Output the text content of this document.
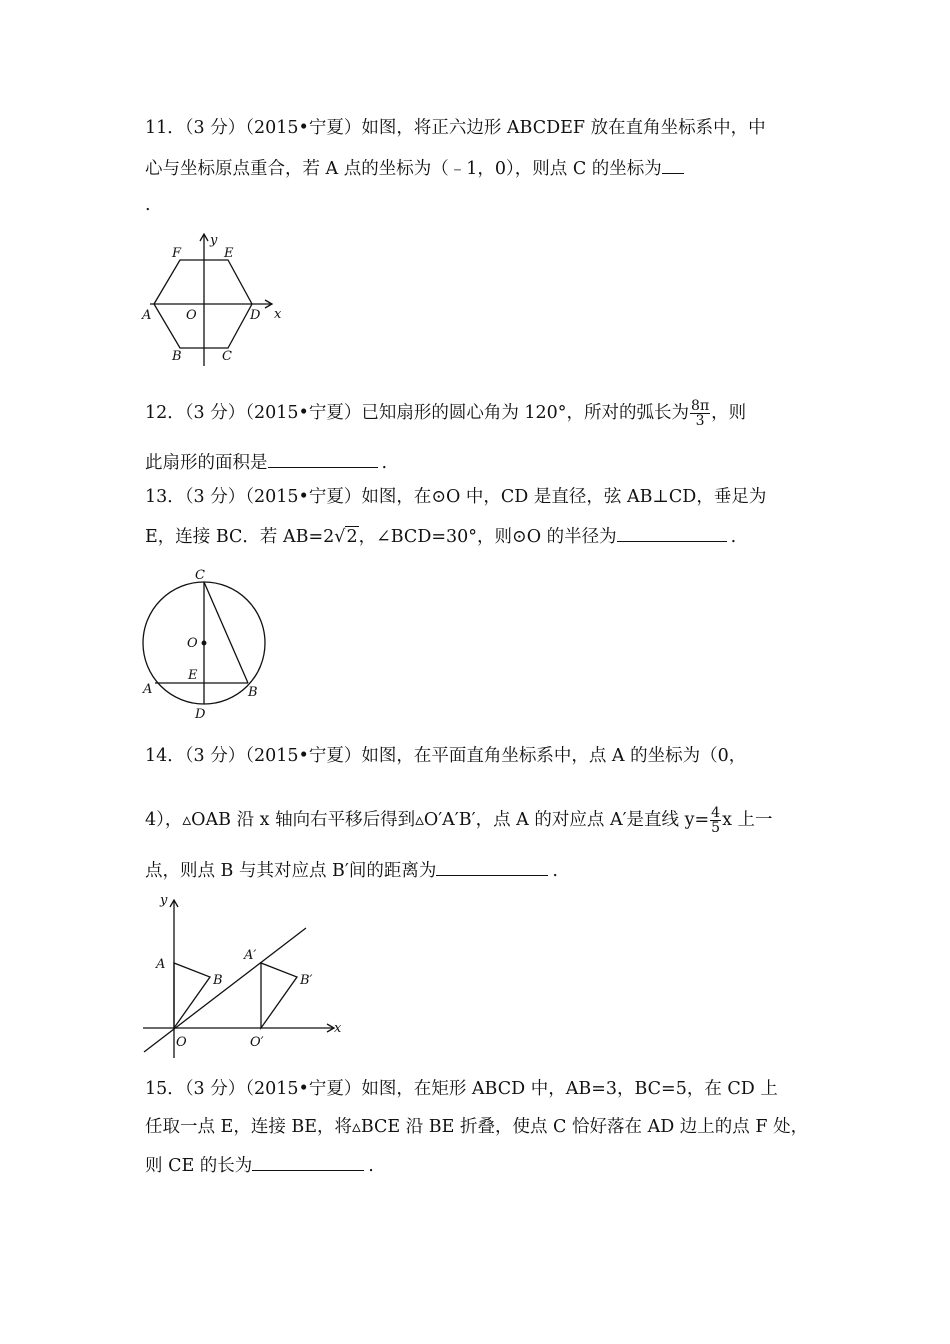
11．（3 分）（2015•宁夏）如图，将正六边形 ABCDEF 放在直角坐标系中，中
心与坐标原点重合，若 A 点的坐标为（﹣1，0），则点 C 的坐标为
.
y
x
F	E
A	O	D
B	C
12．（3 分）（2015•宁夏）已知扇形的圆心角为 120°，所对的弧长为 $\frac{8\pi}{3}$ ，则
此扇形的面积是	.
13．（3 分）（2015•宁夏）如图，在⊙O 中，CD 是直径，弦 AB⊥CD，垂足为
E，连接 BC．若 AB=2√2，∠BCD=30°，则⊙O 的半径为	.
C
O
E
A	B
D
14．（3 分）（2015•宁夏）如图，在平面直角坐标系中，点 A 的坐标为（0，
4），▵OAB 沿 x 轴向右平移后得到▵O′A′B′，点 A 的对应点 A′是直线 $y= \frac{4}{5}$ x 上一
点，则点 B 与其对应点 B′间的距离为	.
y
x
A
B
O
A′
B′
O′
15．（3 分）（2015•宁夏）如图，在矩形 ABCD 中，AB=3，BC=5，在 CD 上
任取一点 E，连接 BE，将▵BCE 沿 BE 折叠，使点 C 恰好落在 AD 边上的点 F 处，
则 CE 的长为	.
